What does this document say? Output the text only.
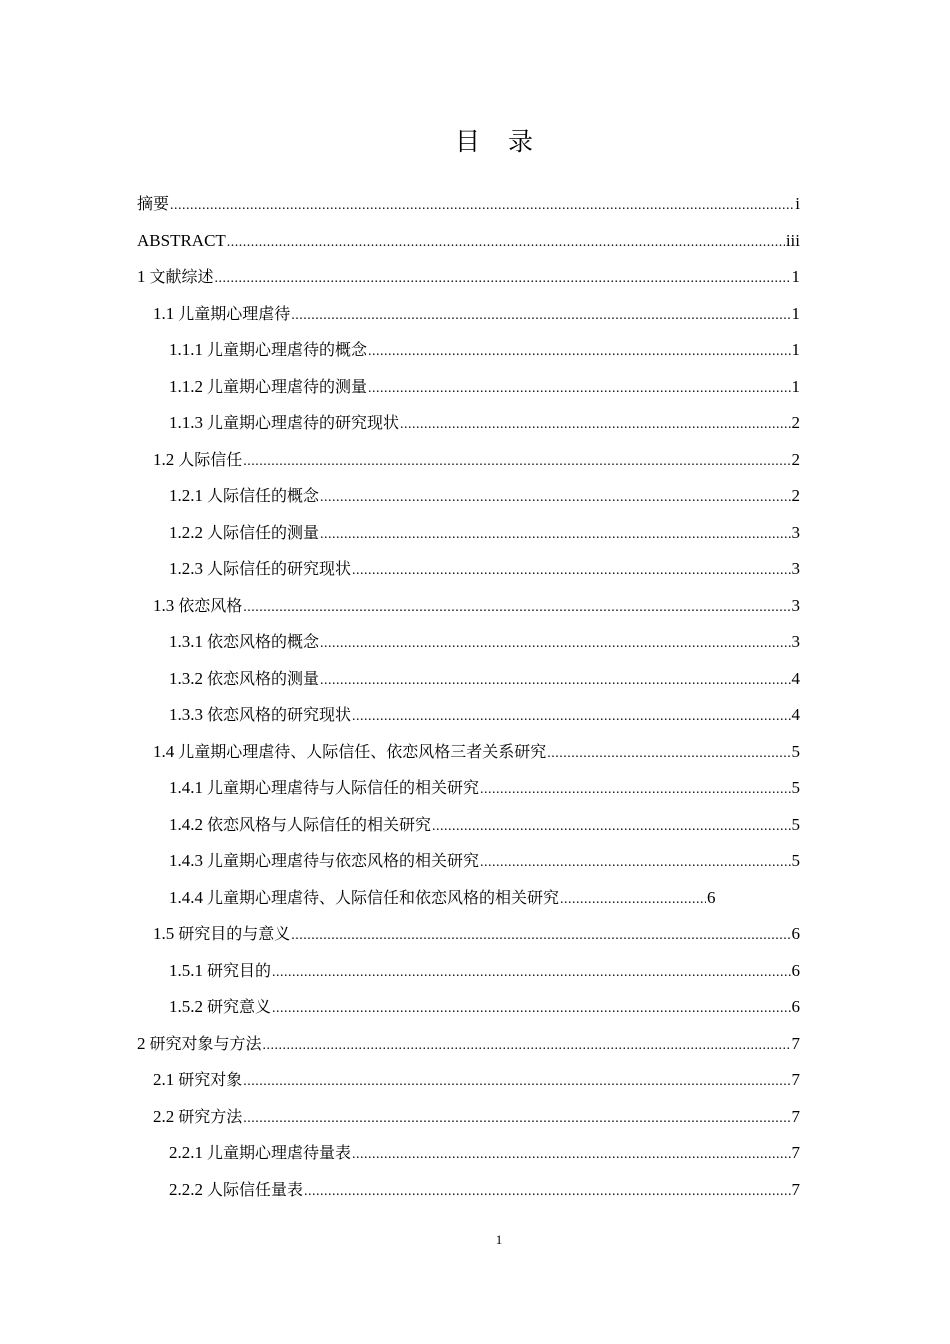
目 录
摘要 .....	i
ABSTRACT .....	iii
1 文献综述 .....	1
1.1 儿童期心理虐待 .....	1
1.1.1 儿童期心理虐待的概念 .....	1
1.1.2 儿童期心理虐待的测量 .....	1
1.1.3 儿童期心理虐待的研究现状 .....	2
1.2 人际信任 .....	2
1.2.1 人际信任的概念 .....	2
1.2.2 人际信任的测量 .....	3
1.2.3 人际信任的研究现状 .....	3
1.3 依恋风格 .....	3
1.3.1 依恋风格的概念 .....	3
1.3.2 依恋风格的测量 .....	4
1.3.3 依恋风格的研究现状 .....	4
1.4 儿童期心理虐待、人际信任、依恋风格三者关系研究 .....	5
1.4.1 儿童期心理虐待与人际信任的相关研究 .....	5
1.4.2 依恋风格与人际信任的相关研究 .....	5
1.4.3 儿童期心理虐待与依恋风格的相关研究 .....	5
1.4.4 儿童期心理虐待、人际信任和依恋风格的相关研究 .....	6
1.5 研究目的与意义 .....	6
1.5.1 研究目的 .....	6
1.5.2 研究意义 .....	6
2 研究对象与方法 .....	7
2.1 研究对象 .....	7
2.2 研究方法 .....	7
2.2.1 儿童期心理虐待量表 .....	7
2.2.2 人际信任量表 .....	7
1
